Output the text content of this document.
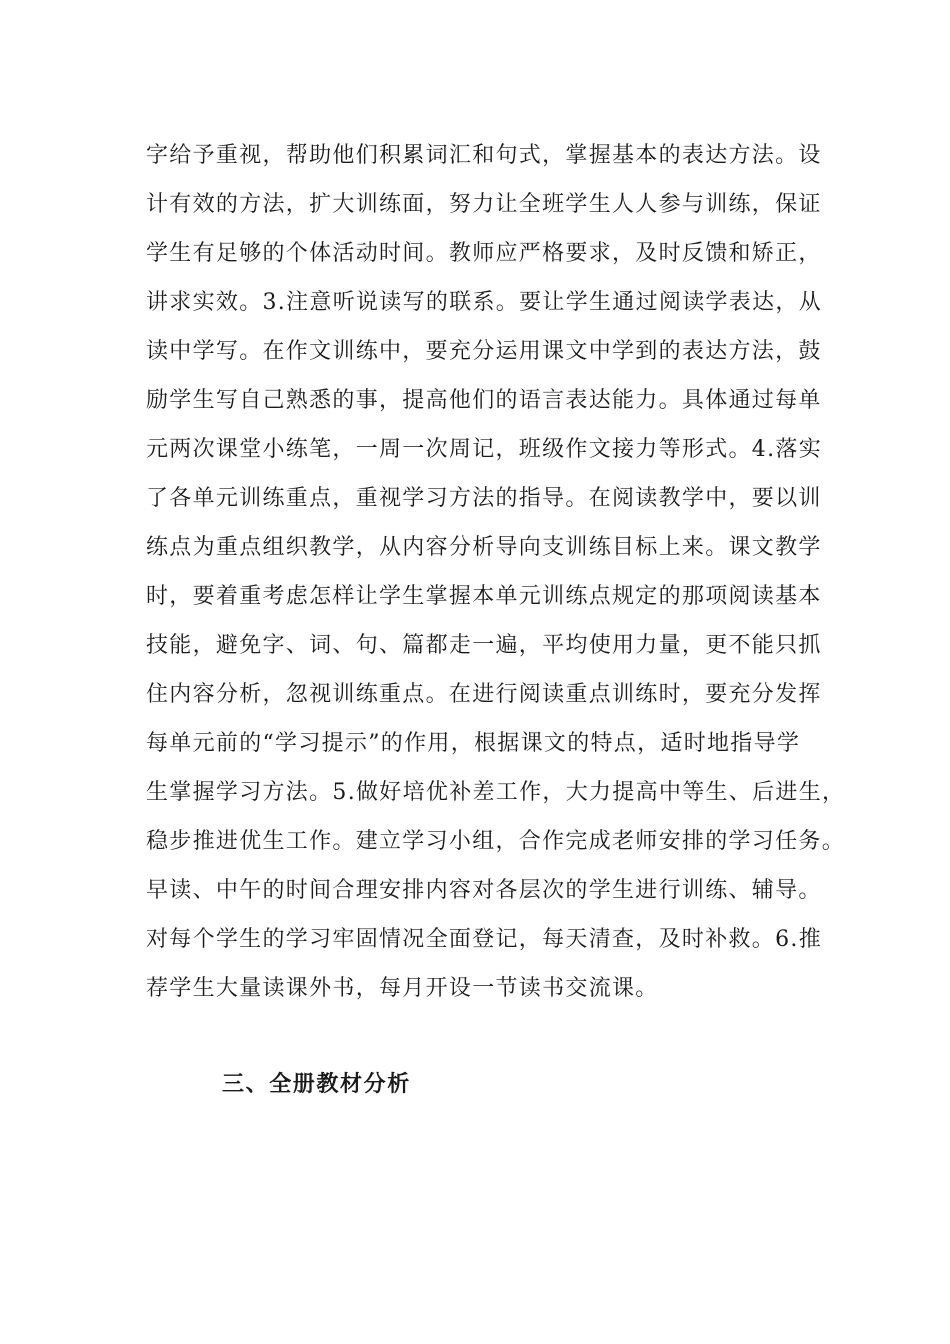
字给予重视，帮助他们积累词汇和句式，掌握基本的表达方法。设
计有效的方法，扩大训练面，努力让全班学生人人参与训练，保证
学生有足够的个体活动时间。教师应严格要求，及时反馈和矫正，
讲求实效。3.注意听说读写的联系。要让学生通过阅读学表达，从
读中学写。在作文训练中，要充分运用课文中学到的表达方法，鼓
励学生写自己熟悉的事，提高他们的语言表达能力。具体通过每单
元两次课堂小练笔，一周一次周记，班级作文接力等形式。4.落实
了各单元训练重点，重视学习方法的指导。在阅读教学中，要以训
练点为重点组织教学，从内容分析导向支训练目标上来。课文教学
时，要着重考虑怎样让学生掌握本单元训练点规定的那项阅读基本
技能，避免字、词、句、篇都走一遍，平均使用力量，更不能只抓
住内容分析，忽视训练重点。在进行阅读重点训练时，要充分发挥
每单元前的“学习提示”的作用，根据课文的特点，适时地指导学
生掌握学习方法。5.做好培优补差工作，大力提高中等生、后进生，
稳步推进优生工作。建立学习小组，合作完成老师安排的学习任务。
早读、中午的时间合理安排内容对各层次的学生进行训练、辅导。
对每个学生的学习牢固情况全面登记，每天清查，及时补救。6.推
荐学生大量读课外书，每月开设一节读书交流课。
三、全册教材分析
